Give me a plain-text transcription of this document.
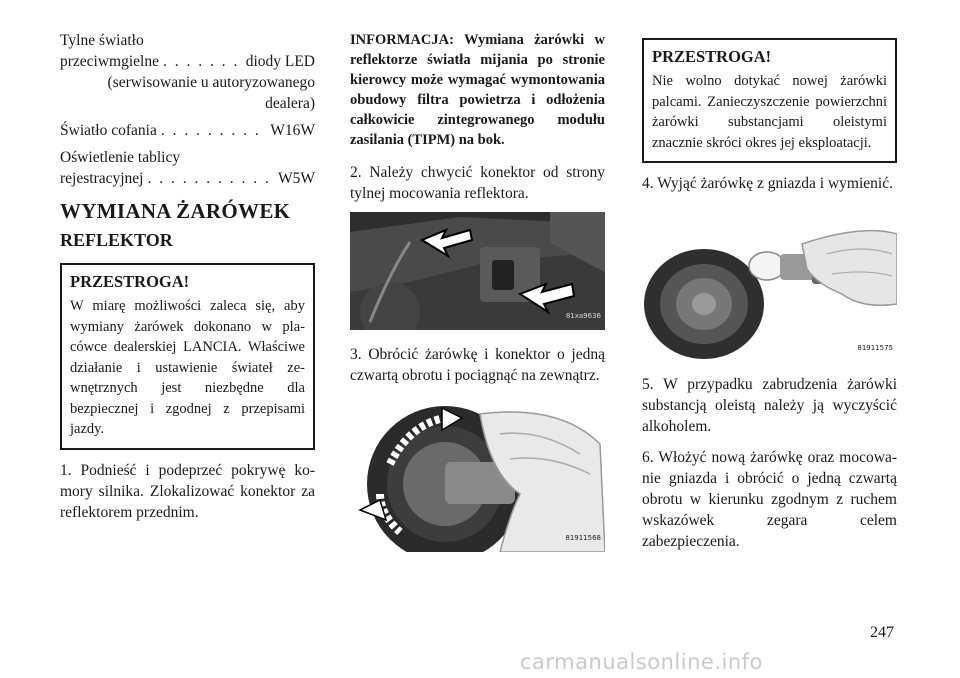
Tylne światło
przeciwmgielne . . .	diody LED
(serwisowanie u autoryzowanego
dealera)
Światło cofania . . .	W16W
Oświetlenie tablicy
rejestracyjnej . . .	W5W
WYMIANA ŻARÓWEK
REFLEKTOR
PRZESTROGA!

W miarę możliwości zaleca się, aby wymiany żarówek dokonano w placówce dealerskiej LANCIA. Właściwe działanie i ustawienie świateł zewnętrznych jest niezbędne dla bezpiecznej i zgodnej z przepisami jazdy.

1. Podnieść i podeprzeć pokrywę komory silnika. Zlokalizować konektor za reflektorem przednim.

INFORMACJA: Wymiana żarówki w reflektorze światła mijania po stronie kierowcy może wymagać wymontowania obudowy filtra powietrza i odłożenia całkowicie zintegrowanego modułu zasilania (TIPM) na bok.

2. Należy chwycić konektor od strony tylnej mocowania reflektora.

81xa9636

3. Obrócić żarówkę i konektor o jedną czwartą obrotu i pociągnąć na zewnątrz.

81911568
PRZESTROGA!

Nie wolno dotykać nowej żarówki palcami. Zanieczyszczenie powierzchni żarówki substancjami oleistymi znacznie skróci okres jej eksploatacji.

4. Wyjąć żarówkę z gniazda i wymienić.

81911575

5. W przypadku zabrudzenia żarówki substancją oleistą należy ją wyczyścić alkoholem.

6. Włożyć nową żarówkę oraz mocowanie gniazda i obrócić o jedną czwartą obrotu w kierunku zgodnym z ruchem wskazówek zegara celem zabezpieczenia.

247
carmanualsonline.info
